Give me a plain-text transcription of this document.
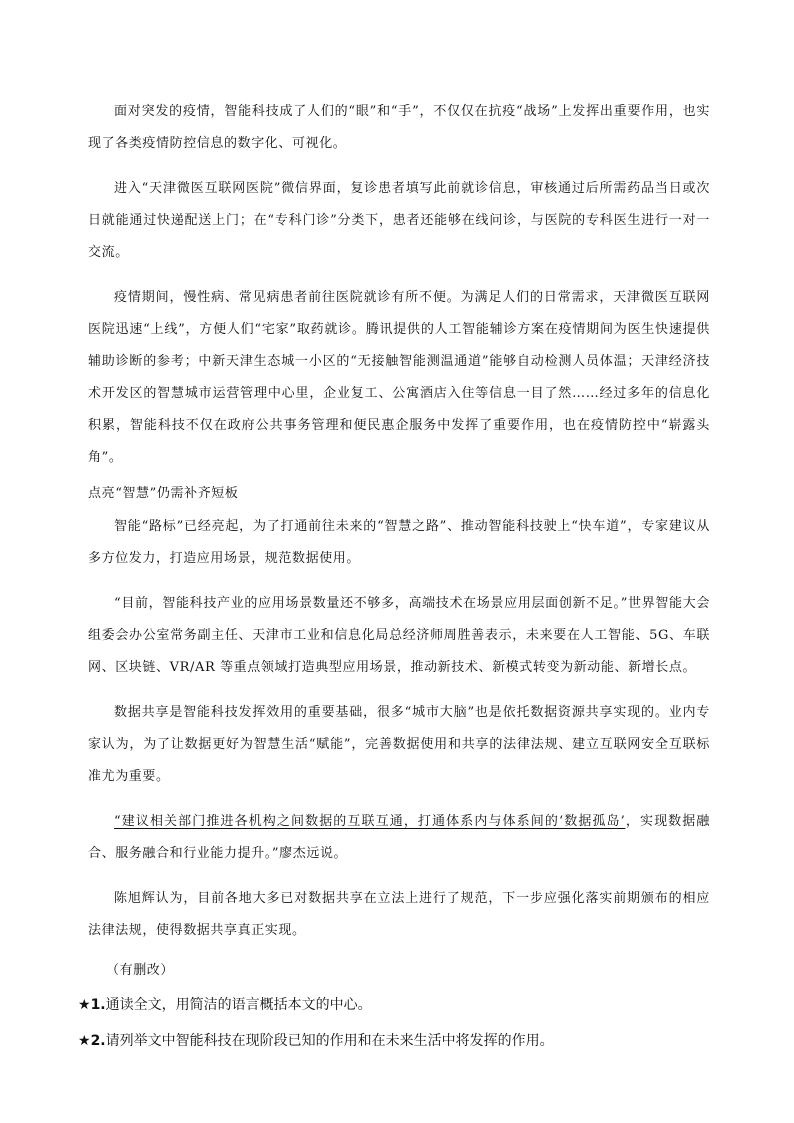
面对突发的疫情，智能科技成了人们的“眼”和“手”，不仅仅在抗疫“战场”上发挥出重要作用，也实现了各类疫情防控信息的数字化、可视化。

进入“天津微医互联网医院”微信界面，复诊患者填写此前就诊信息，审核通过后所需药品当日或次日就能通过快递配送上门；在“专科门诊”分类下，患者还能够在线问诊，与医院的专科医生进行一对一交流。

疫情期间，慢性病、常见病患者前往医院就诊有所不便。为满足人们的日常需求，天津微医互联网医院迅速“上线”，方便人们“宅家”取药就诊。腾讯提供的人工智能辅诊方案在疫情期间为医生快速提供辅助诊断的参考；中新天津生态城一小区的“无接触智能测温通道”能够自动检测人员体温；天津经济技术开发区的智慧城市运营管理中心里，企业复工、公寓酒店入住等信息一目了然……经过多年的信息化积累，智能科技不仅在政府公共事务管理和便民惠企服务中发挥了重要作用，也在疫情防控中“崭露头角”。

点亮“智慧”仍需补齐短板

智能“路标”已经亮起，为了打通前往未来的“智慧之路”、推动智能科技驶上“快车道”，专家建议从多方位发力，打造应用场景，规范数据使用。

“目前，智能科技产业的应用场景数量还不够多，高端技术在场景应用层面创新不足。”世界智能大会组委会办公室常务副主任、天津市工业和信息化局总经济师周胜善表示，未来要在人工智能、5G、车联网、区块链、VR/AR 等重点领域打造典型应用场景，推动新技术、新模式转变为新动能、新增长点。

数据共享是智能科技发挥效用的重要基础，很多“城市大脑”也是依托数据资源共享实现的。业内专家认为，为了让数据更好为智慧生活“赋能”，完善数据使用和共享的法律法规、建立互联网安全互联标准尤为重要。

“建议相关部门推进各机构之间数据的互联互通，打通体系内与体系间的‘数据孤岛’，实现数据融合、服务融合和行业能力提升。”廖杰远说。

陈旭辉认为，目前各地大多已对数据共享在立法上进行了规范，下一步应强化落实前期颁布的相应法律法规，使得数据共享真正实现。

（有删改）

★1.通读全文，用简洁的语言概括本文的中心。

★2.请列举文中智能科技在现阶段已知的作用和在未来生活中将发挥的作用。
